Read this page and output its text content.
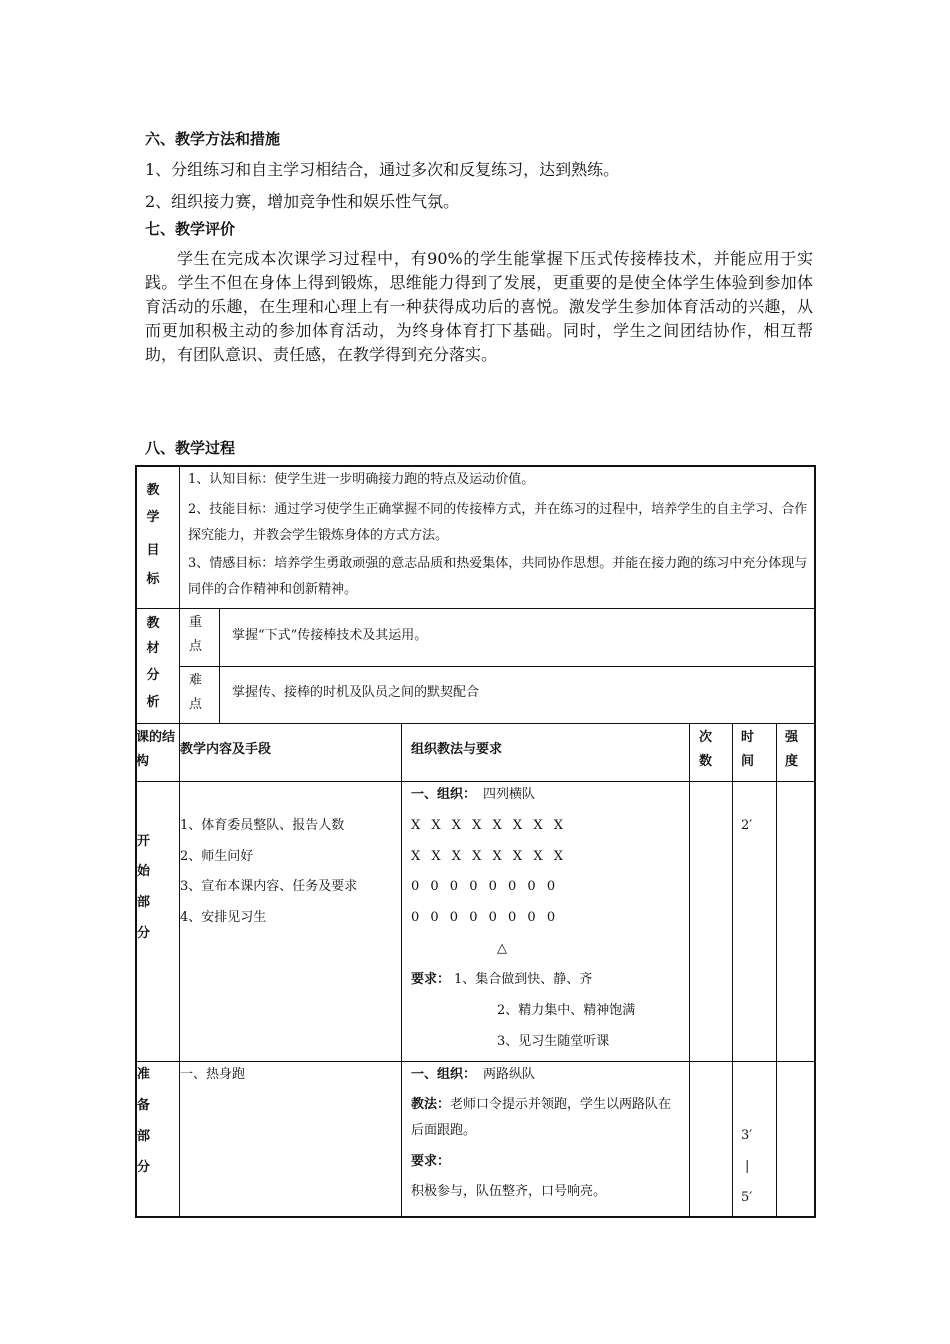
六、教学方法和措施
1、分组练习和自主学习相结合，通过多次和反复练习，达到熟练。
2、组织接力赛，增加竞争性和娱乐性气氛。
七、教学评价
学生在完成本次课学习过程中，有90%的学生能掌握下压式传接棒技术，并能应用于实践。学生不但在身体上得到锻炼，思维能力得到了发展，更重要的是使全体学生体验到参加体育活动的乐趣，在生理和心理上有一种获得成功后的喜悦。激发学生参加体育活动的兴趣，从而更加积极主动的参加体育活动，为终身体育打下基础。同时，学生之间团结协作，相互帮助，有团队意识、责任感，在教学得到充分落实。
八、教学过程
教
学
目
标
1、认知目标：使学生进一步明确接力跑的特点及运动价值。
2、技能目标：通过学习使学生正确掌握不同的传接棒方式，并在练习的过程中，培养学生的自主学习、合作探究能力，并教会学生锻炼身体的方式方法。
3、情感目标：培养学生勇敢顽强的意志品质和热爱集体，共同协作思想。并能在接力跑的练习中充分体现与同伴的合作精神和创新精神。
教
材
分
析
重
点
掌握“下式”传接棒技术及其运用。
难
点
掌握传、接棒的时机及队员之间的默契配合
课的结
构
教学内容及手段	组织教法与要求
次
数
时
间
强
度
开
始
部
分
1、体育委员整队、报告人数
2、师生问好
3、宣布本课内容、任务及要求
4、安排见习生
一、组织： 四列横队
X X X X X X X X
X X X X X X X X
0 0 0 0 0 0 0 0
0 0 0 0 0 0 0 0
△
要求： 1、集合做到快、静、齐
2、精力集中、精神饱满
3、见习生随堂听课
2′
准
备
部
分
一、热身跑	一、组织： 两路纵队
教法：老师口令提示并领跑，学生以两路队在后面跟跑。
要求：
积极参与，队伍整齐，口号响亮。
3′
|
5′
